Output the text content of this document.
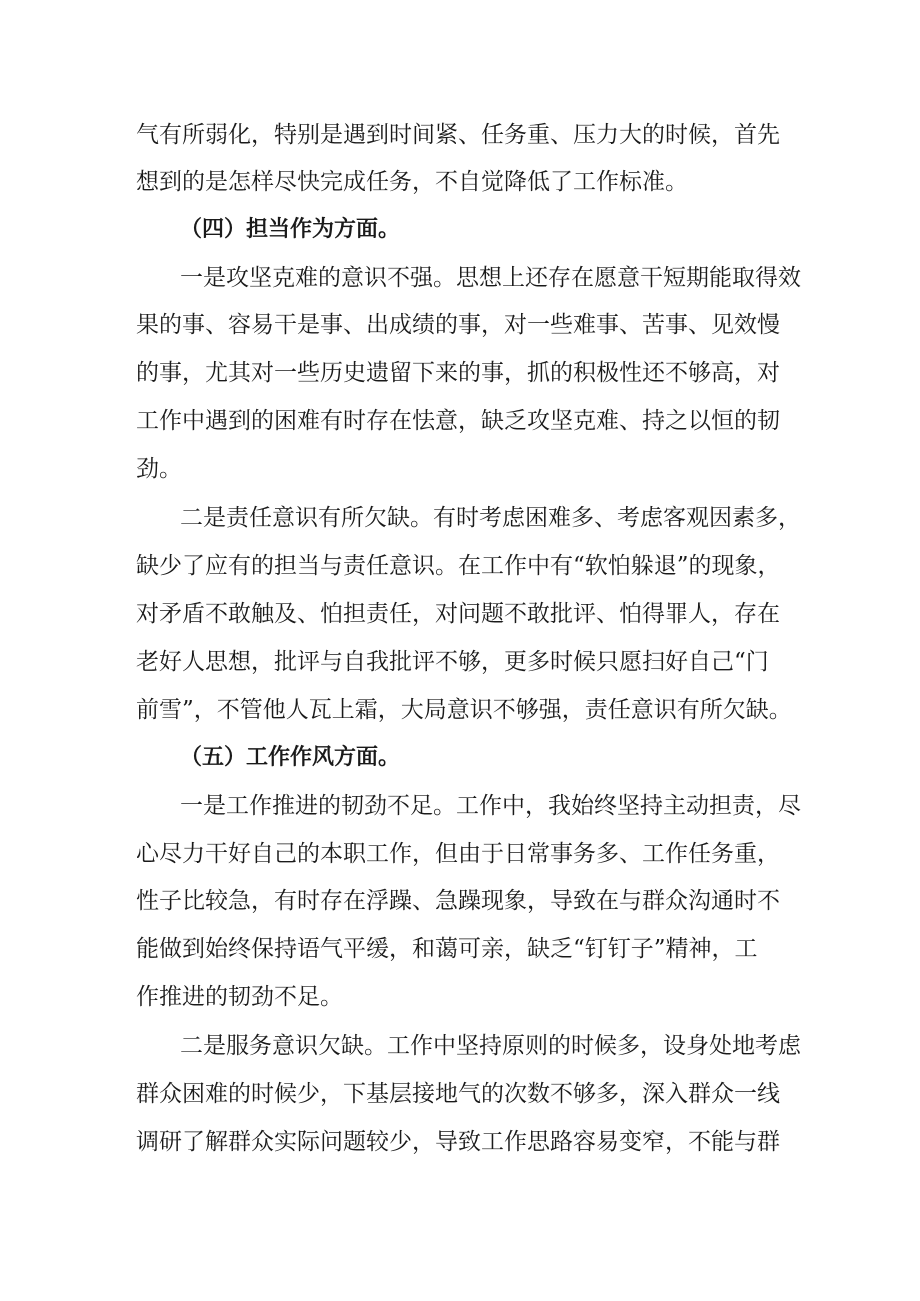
气有所弱化，特别是遇到时间紧、任务重、压力大的时候，首先
想到的是怎样尽快完成任务，不自觉降低了工作标准。
（四）担当作为方面。
一是攻坚克难的意识不强。思想上还存在愿意干短期能取得效
果的事、容易干是事、出成绩的事，对一些难事、苦事、见效慢
的事，尤其对一些历史遗留下来的事，抓的积极性还不够高，对
工作中遇到的困难有时存在怯意，缺乏攻坚克难、持之以恒的韧
劲。
二是责任意识有所欠缺。有时考虑困难多、考虑客观因素多，
缺少了应有的担当与责任意识。在工作中有“软怕躲退”的现象，
对矛盾不敢触及、怕担责任，对问题不敢批评、怕得罪人，存在
老好人思想，批评与自我批评不够，更多时候只愿扫好自己“门
前雪”，不管他人瓦上霜，大局意识不够强，责任意识有所欠缺。
（五）工作作风方面。
一是工作推进的韧劲不足。工作中，我始终坚持主动担责，尽
心尽力干好自己的本职工作，但由于日常事务多、工作任务重，
性子比较急，有时存在浮躁、急躁现象，导致在与群众沟通时不
能做到始终保持语气平缓，和蔼可亲，缺乏“钉钉子”精神，工
作推进的韧劲不足。
二是服务意识欠缺。工作中坚持原则的时候多，设身处地考虑
群众困难的时候少，下基层接地气的次数不够多，深入群众一线
调研了解群众实际问题较少，导致工作思路容易变窄，不能与群
